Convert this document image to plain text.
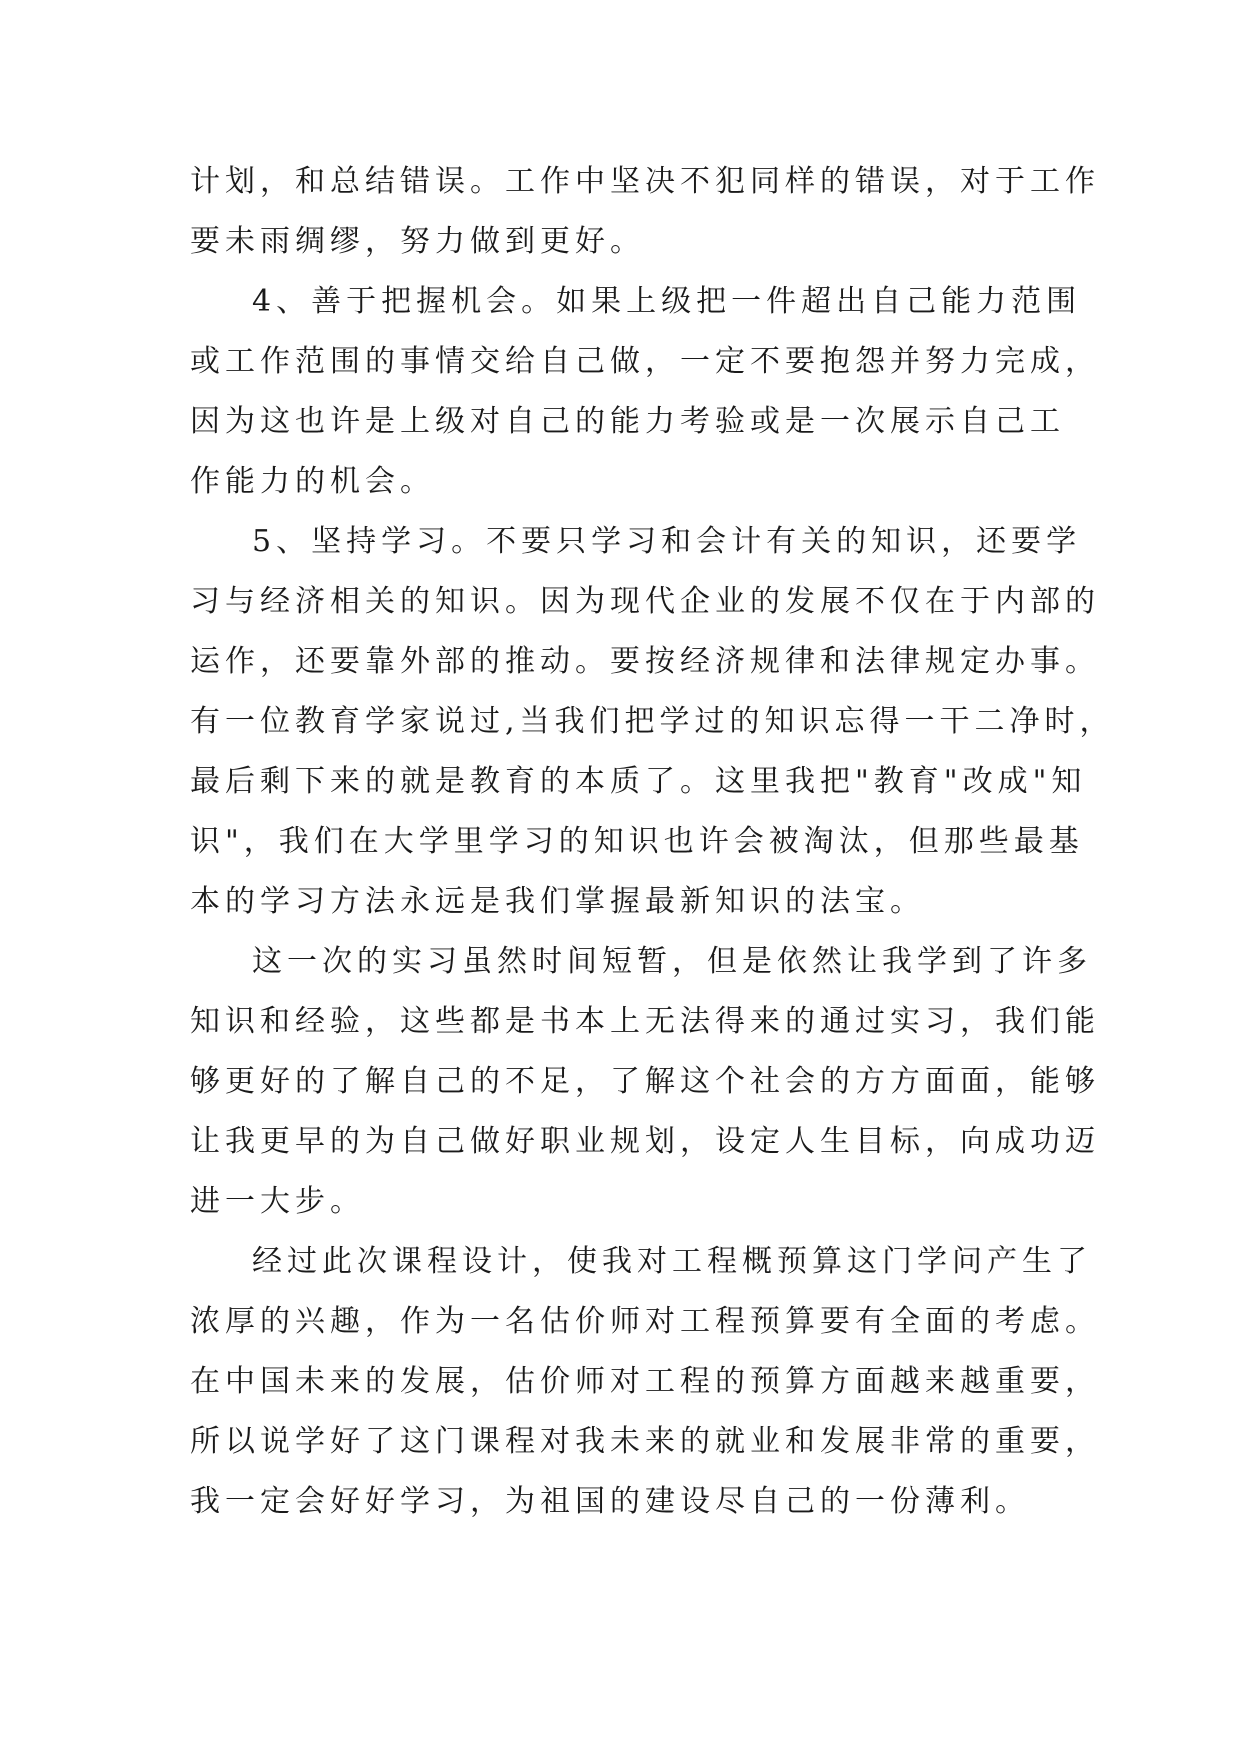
计划，和总结错误。工作中坚决不犯同样的错误，对于工作
要未雨绸缪，努力做到更好。
4、善于把握机会。如果上级把一件超出自己能力范围
或工作范围的事情交给自己做，一定不要抱怨并努力完成，
因为这也许是上级对自己的能力考验或是一次展示自己工
作能力的机会。
5、坚持学习。不要只学习和会计有关的知识，还要学
习与经济相关的知识。因为现代企业的发展不仅在于内部的
运作，还要靠外部的推动。要按经济规律和法律规定办事。
有一位教育学家说过,当我们把学过的知识忘得一干二净时，
最后剩下来的就是教育的本质了。这里我把"教育"改成"知
识"，我们在大学里学习的知识也许会被淘汰，但那些最基
本的学习方法永远是我们掌握最新知识的法宝。
这一次的实习虽然时间短暂，但是依然让我学到了许多
知识和经验，这些都是书本上无法得来的通过实习，我们能
够更好的了解自己的不足，了解这个社会的方方面面，能够
让我更早的为自己做好职业规划，设定人生目标，向成功迈
进一大步。
经过此次课程设计，使我对工程概预算这门学问产生了
浓厚的兴趣，作为一名估价师对工程预算要有全面的考虑。
在中国未来的发展，估价师对工程的预算方面越来越重要，
所以说学好了这门课程对我未来的就业和发展非常的重要，
我一定会好好学习，为祖国的建设尽自己的一份薄利。
